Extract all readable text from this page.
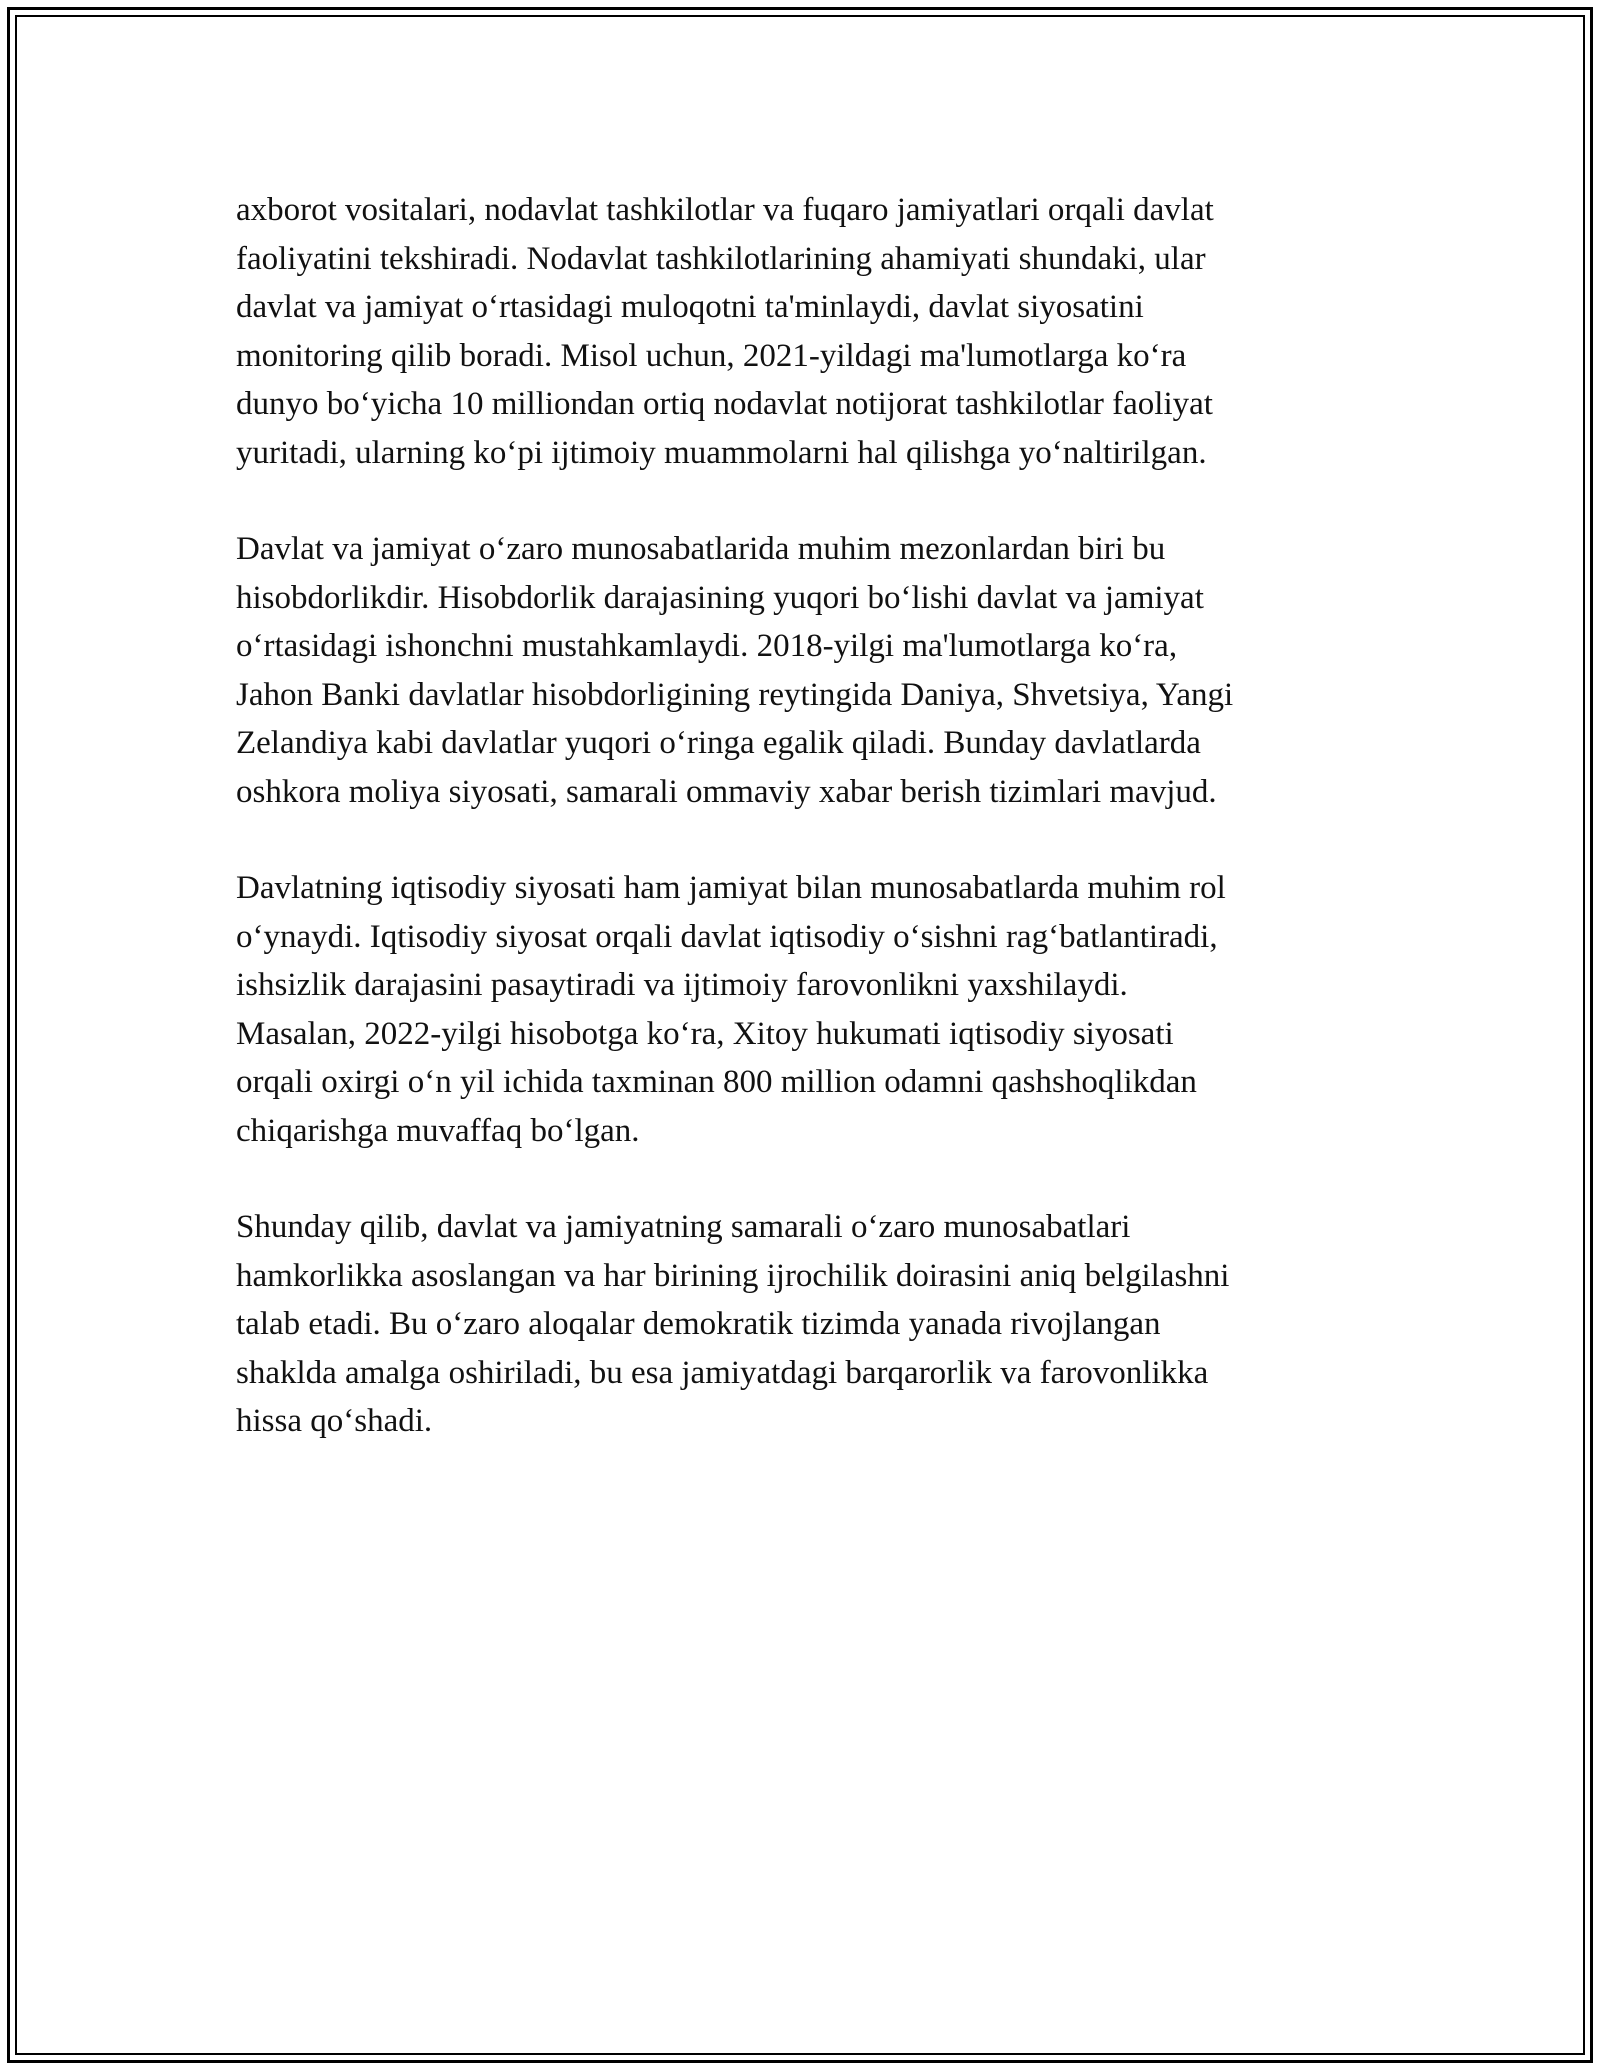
axborot vositalari, nodavlat tashkilotlar va fuqaro jamiyatlari orqali davlat
faoliyatini tekshiradi. Nodavlat tashkilotlarining ahamiyati shundaki, ular
davlat va jamiyat o‘rtasidagi muloqotni ta'minlaydi, davlat siyosatini
monitoring qilib boradi. Misol uchun, 2021-yildagi ma'lumotlarga ko‘ra
dunyo bo‘yicha 10 milliondan ortiq nodavlat notijorat tashkilotlar faoliyat
yuritadi, ularning ko‘pi ijtimoiy muammolarni hal qilishga yo‘naltirilgan.

Davlat va jamiyat o‘zaro munosabatlarida muhim mezonlardan biri bu
hisobdorlikdir. Hisobdorlik darajasining yuqori bo‘lishi davlat va jamiyat
o‘rtasidagi ishonchni mustahkamlaydi. 2018-yilgi ma'lumotlarga ko‘ra,
Jahon Banki davlatlar hisobdorligining reytingida Daniya, Shvetsiya, Yangi
Zelandiya kabi davlatlar yuqori o‘ringa egalik qiladi. Bunday davlatlarda
oshkora moliya siyosati, samarali ommaviy xabar berish tizimlari mavjud.

Davlatning iqtisodiy siyosati ham jamiyat bilan munosabatlarda muhim rol
o‘ynaydi. Iqtisodiy siyosat orqali davlat iqtisodiy o‘sishni rag‘batlantiradi,
ishsizlik darajasini pasaytiradi va ijtimoiy farovonlikni yaxshilaydi.
Masalan, 2022-yilgi hisobotga ko‘ra, Xitoy hukumati iqtisodiy siyosati
orqali oxirgi o‘n yil ichida taxminan 800 million odamni qashshoqlikdan
chiqarishga muvaffaq bo‘lgan.

Shunday qilib, davlat va jamiyatning samarali o‘zaro munosabatlari
hamkorlikka asoslangan va har birining ijrochilik doirasini aniq belgilashni
talab etadi. Bu o‘zaro aloqalar demokratik tizimda yanada rivojlangan
shaklda amalga oshiriladi, bu esa jamiyatdagi barqarorlik va farovonlikka
hissa qo‘shadi.
